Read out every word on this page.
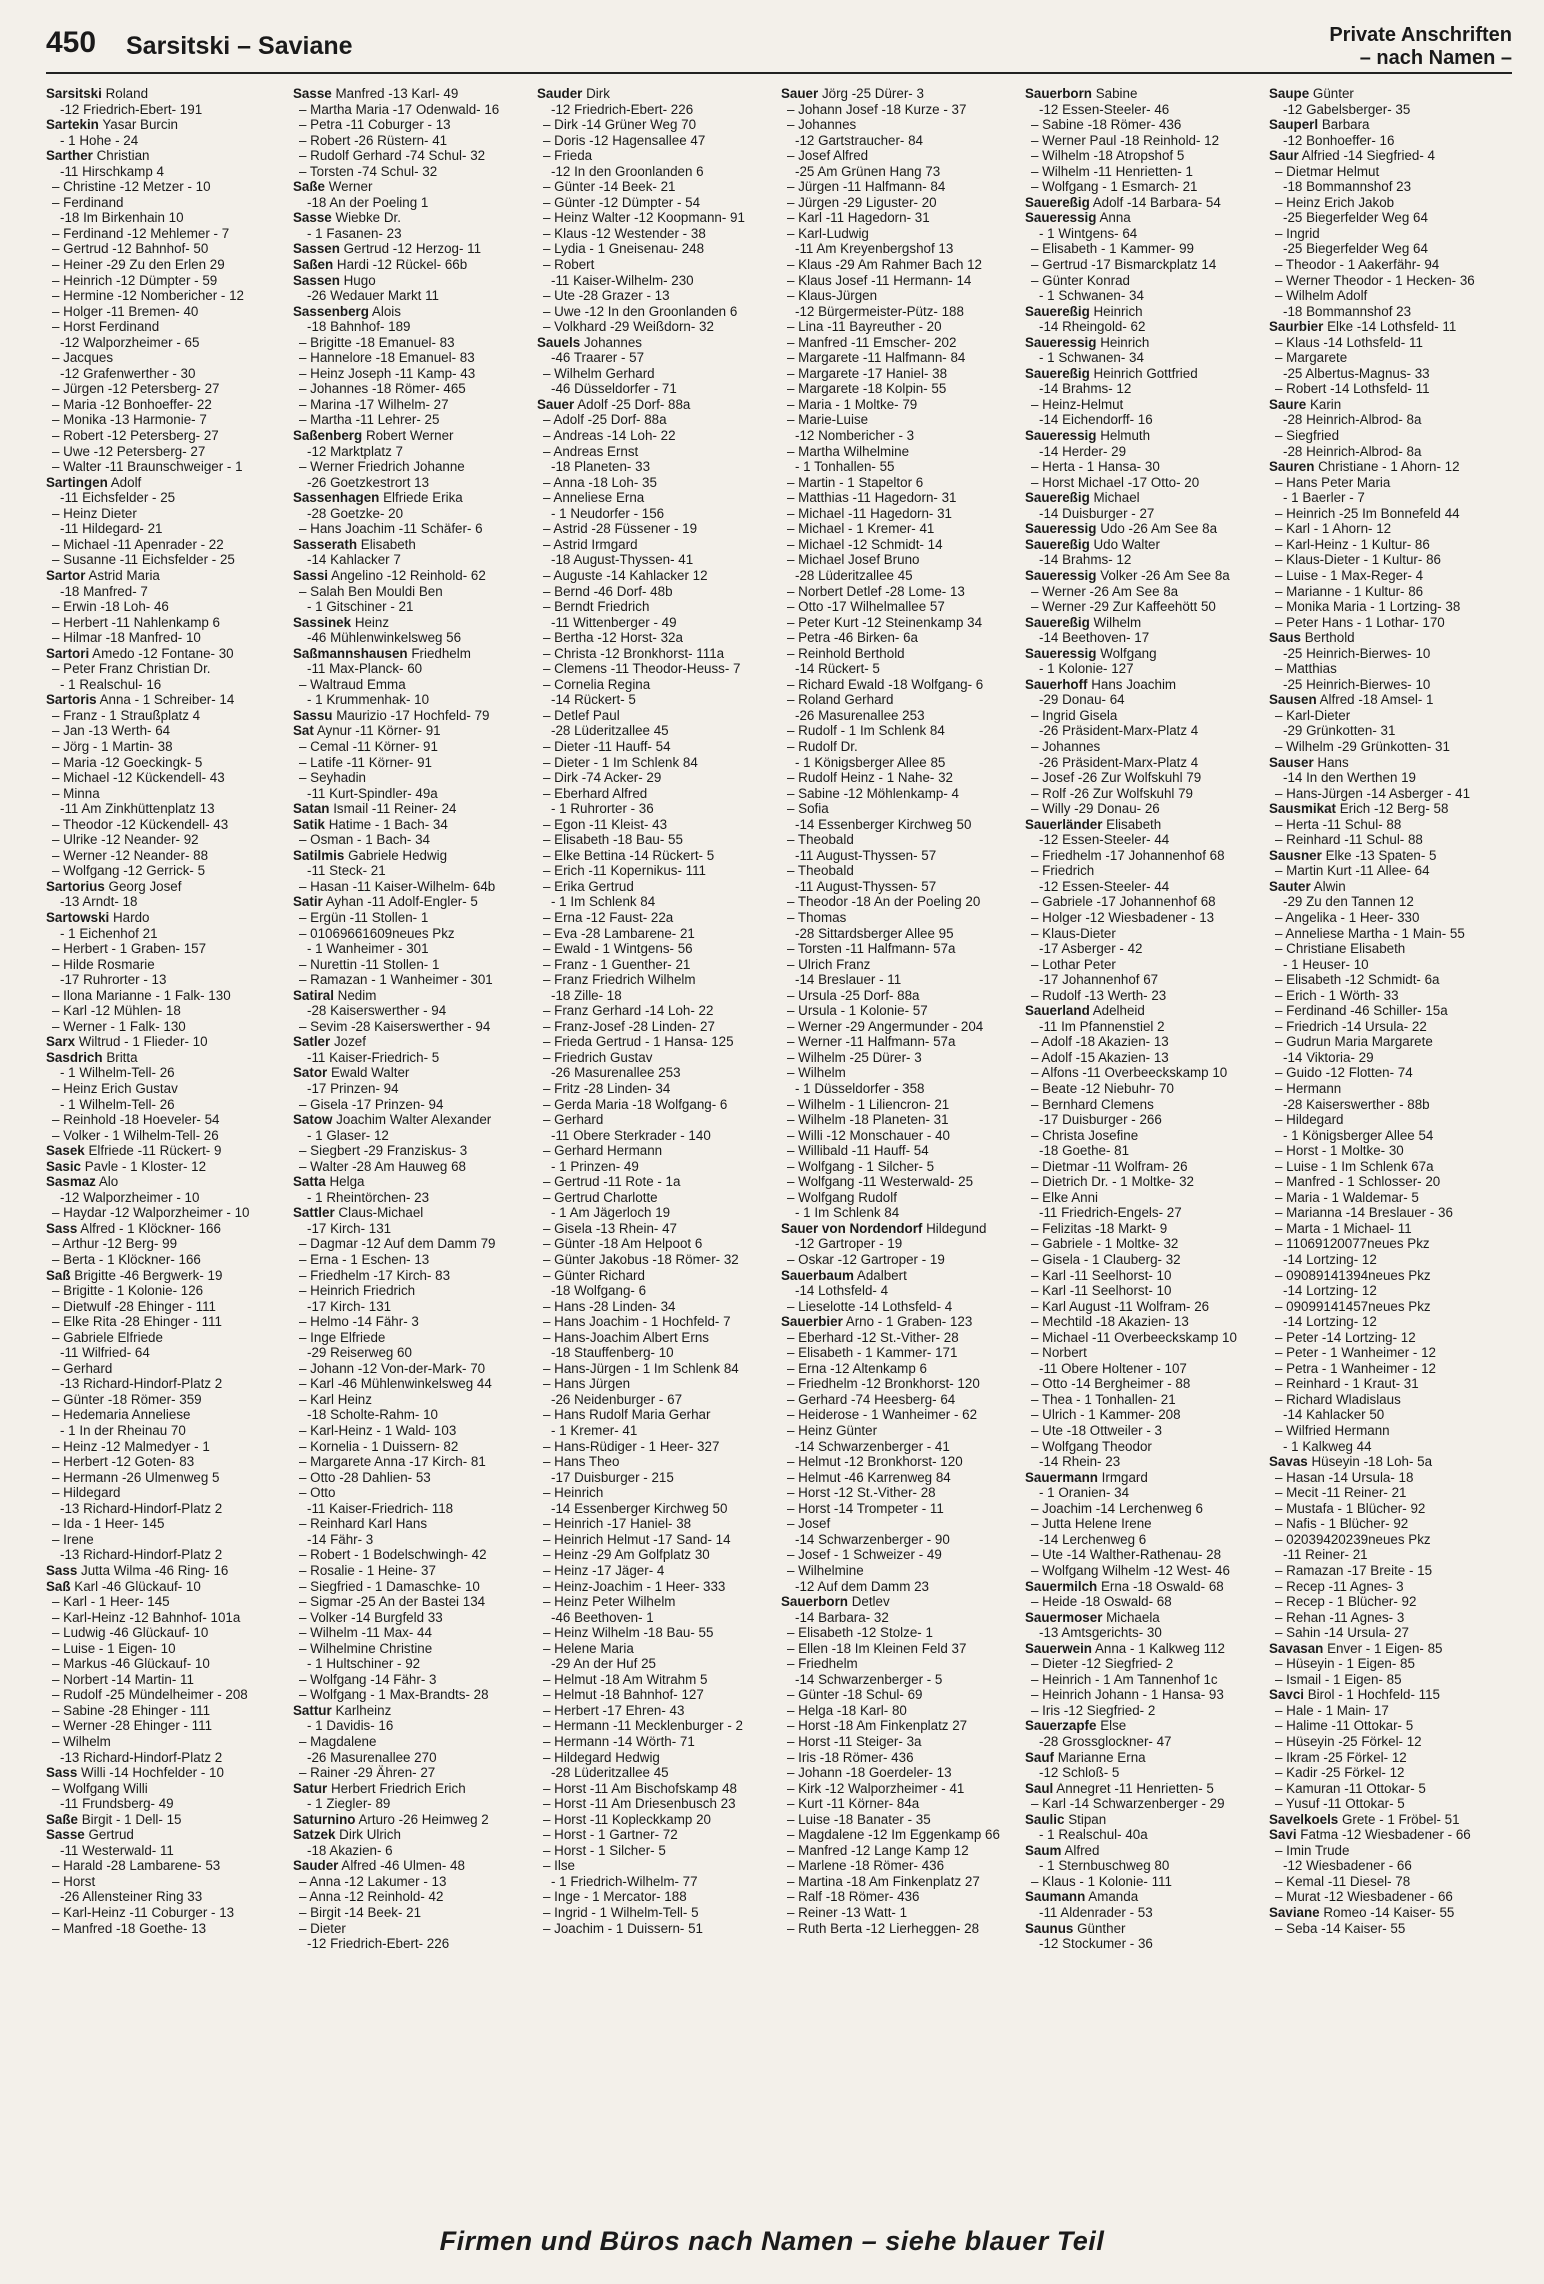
450 Sarsitski – Saviane	Private Anschriften
– nach Namen –
Sarsitski Roland
-12 Friedrich-Ebert- 191
Sartekin Yasar Burcin
- 1 Hohe - 24
Sarther Christian
-11 Hirschkamp 4
– Christine -12 Metzer - 10
– Ferdinand
-18 Im Birkenhain 10
– Ferdinand -12 Mehlemer - 7
– Gertrud -12 Bahnhof- 50
– Heiner -29 Zu den Erlen 29
– Heinrich -12 Dümpter - 59
– Hermine -12 Nombericher - 12
– Holger -11 Bremen- 40
– Horst Ferdinand
-12 Walporzheimer - 65
– Jacques
-12 Grafenwerther - 30
– Jürgen -12 Petersberg- 27
– Maria -12 Bonhoeffer- 22
– Monika -13 Harmonie- 7
– Robert -12 Petersberg- 27
– Uwe -12 Petersberg- 27
– Walter -11 Braunschweiger - 1
Sartingen Adolf
-11 Eichsfelder - 25
– Heinz Dieter
-11 Hildegard- 21
– Michael -11 Apenrader - 22
– Susanne -11 Eichsfelder - 25
Sartor Astrid Maria
-18 Manfred- 7
– Erwin -18 Loh- 46
– Herbert -11 Nahlenkamp 6
– Hilmar -18 Manfred- 10
Sartori Amedo -12 Fontane- 30
– Peter Franz Christian Dr.
- 1 Realschul- 16
Sartoris Anna - 1 Schreiber- 14
– Franz - 1 Straußplatz 4
– Jan -13 Werth- 64
– Jörg - 1 Martin- 38
– Maria -12 Goeckingk- 5
– Michael -12 Kückendell- 43
– Minna
-11 Am Zinkhüttenplatz 13
– Theodor -12 Kückendell- 43
– Ulrike -12 Neander- 92
– Werner -12 Neander- 88
– Wolfgang -12 Gerrick- 5
Sartorius Georg Josef
-13 Arndt- 18
Sartowski Hardo
- 1 Eichenhof 21
– Herbert - 1 Graben- 157
– Hilde Rosmarie
-17 Ruhrorter - 13
– Ilona Marianne - 1 Falk- 130
– Karl -12 Mühlen- 18
– Werner - 1 Falk- 130
Sarx Wiltrud - 1 Flieder- 10
Sasdrich Britta
- 1 Wilhelm-Tell- 26
– Heinz Erich Gustav
- 1 Wilhelm-Tell- 26
– Reinhold -18 Hoeveler- 54
– Volker - 1 Wilhelm-Tell- 26
Sasek Elfriede -11 Rückert- 9
Sasic Pavle - 1 Kloster- 12
Sasmaz Alo
-12 Walporzheimer - 10
– Haydar -12 Walporzheimer - 10
Sass Alfred - 1 Klöckner- 166
– Arthur -12 Berg- 99
– Berta - 1 Klöckner- 166
Saß Brigitte -46 Bergwerk- 19
– Brigitte - 1 Kolonie- 126
– Dietwulf -28 Ehinger - 111
– Elke Rita -28 Ehinger - 111
– Gabriele Elfriede
-11 Wilfried- 64
– Gerhard
-13 Richard-Hindorf-Platz 2
– Günter -18 Römer- 359
– Hedemaria Anneliese
- 1 In der Rheinau 70
– Heinz -12 Malmedyer - 1
– Herbert -12 Goten- 83
– Hermann -26 Ulmenweg 5
– Hildegard
-13 Richard-Hindorf-Platz 2
– Ida - 1 Heer- 145
– Irene
-13 Richard-Hindorf-Platz 2
Sass Jutta Wilma -46 Ring- 16
Saß Karl -46 Glückauf- 10
– Karl - 1 Heer- 145
– Karl-Heinz -12 Bahnhof- 101a
– Ludwig -46 Glückauf- 10
– Luise - 1 Eigen- 10
– Markus -46 Glückauf- 10
– Norbert -14 Martin- 11
– Rudolf -25 Mündelheimer - 208
– Sabine -28 Ehinger - 111
– Werner -28 Ehinger - 111
– Wilhelm
-13 Richard-Hindorf-Platz 2
Sass Willi -14 Hochfelder - 10
– Wolfgang Willi
-11 Frundsberg- 49
Saße Birgit - 1 Dell- 15
Sasse Gertrud
-11 Westerwald- 11
– Harald -28 Lambarene- 53
– Horst
-26 Allensteiner Ring 33
– Karl-Heinz -11 Coburger - 13
– Manfred -18 Goethe- 13
Sasse Manfred -13 Karl- 49
– Martha Maria -17 Odenwald- 16
– Petra -11 Coburger - 13
– Robert -26 Rüstern- 41
– Rudolf Gerhard -74 Schul- 32
– Torsten -74 Schul- 32
Saße Werner
-18 An der Poeling 1
Sasse Wiebke Dr.
- 1 Fasanen- 23
Sassen Gertrud -12 Herzog- 11
Saßen Hardi -12 Rückel- 66b
Sassen Hugo
-26 Wedauer Markt 11
Sassenberg Alois
-18 Bahnhof- 189
– Brigitte -18 Emanuel- 83
– Hannelore -18 Emanuel- 83
– Heinz Joseph -11 Kamp- 43
– Johannes -18 Römer- 465
– Marina -17 Wilhelm- 27
– Martha -11 Lehrer- 25
Saßenberg Robert Werner
-12 Marktplatz 7
– Werner Friedrich Johanne
-26 Goetzkestrort 13
Sassenhagen Elfriede Erika
-28 Goetzke- 20
– Hans Joachim -11 Schäfer- 6
Sasserath Elisabeth
-14 Kahlacker 7
Sassi Angelino -12 Reinhold- 62
– Salah Ben Mouldi Ben
- 1 Gitschiner - 21
Sassinek Heinz
-46 Mühlenwinkelsweg 56
Saßmannshausen Friedhelm
-11 Max-Planck- 60
– Waltraud Emma
- 1 Krummenhak- 10
Sassu Maurizio -17 Hochfeld- 79
Sat Aynur -11 Körner- 91
– Cemal -11 Körner- 91
– Latife -11 Körner- 91
– Seyhadin
-11 Kurt-Spindler- 49a
Satan Ismail -11 Reiner- 24
Satik Hatime - 1 Bach- 34
– Osman - 1 Bach- 34
Satilmis Gabriele Hedwig
-11 Steck- 21
– Hasan -11 Kaiser-Wilhelm- 64b
Satir Ayhan -11 Adolf-Engler- 5
– Ergün -11 Stollen- 1
– 01069661609neues Pkz
- 1 Wanheimer - 301
– Nurettin -11 Stollen- 1
– Ramazan - 1 Wanheimer - 301
Satiral Nedim
-28 Kaiserswerther - 94
– Sevim -28 Kaiserswerther - 94
Satler Jozef
-11 Kaiser-Friedrich- 5
Sator Ewald Walter
-17 Prinzen- 94
– Gisela -17 Prinzen- 94
Satow Joachim Walter Alexander
- 1 Glaser- 12
– Siegbert -29 Franziskus- 3
– Walter -28 Am Hauweg 68
Satta Helga
- 1 Rheintörchen- 23
Sattler Claus-Michael
-17 Kirch- 131
– Dagmar -12 Auf dem Damm 79
– Erna - 1 Eschen- 13
– Friedhelm -17 Kirch- 83
– Heinrich Friedrich
-17 Kirch- 131
– Helmo -14 Fähr- 3
– Inge Elfriede
-29 Reiserweg 60
– Johann -12 Von-der-Mark- 70
– Karl -46 Mühlenwinkelsweg 44
– Karl Heinz
-18 Scholte-Rahm- 10
– Karl-Heinz - 1 Wald- 103
– Kornelia - 1 Duissern- 82
– Margarete Anna -17 Kirch- 81
– Otto -28 Dahlien- 53
– Otto
-11 Kaiser-Friedrich- 118
– Reinhard Karl Hans
-14 Fähr- 3
– Robert - 1 Bodelschwingh- 42
– Rosalie - 1 Heine- 37
– Siegfried - 1 Damaschke- 10
– Sigmar -25 An der Bastei 134
– Volker -14 Burgfeld 33
– Wilhelm -11 Max- 44
– Wilhelmine Christine
- 1 Hultschiner - 92
– Wolfgang -14 Fähr- 3
– Wolfgang - 1 Max-Brandts- 28
Sattur Karlheinz
- 1 Davidis- 16
– Magdalene
-26 Masurenallee 270
– Rainer -29 Ähren- 27
Satur Herbert Friedrich Erich
- 1 Ziegler- 89
Saturnino Arturo -26 Heimweg 2
Satzek Dirk Ulrich
-18 Akazien- 6
Sauder Alfred -46 Ulmen- 48
– Anna -12 Lakumer - 13
– Anna -12 Reinhold- 42
– Birgit -14 Beek- 21
– Dieter
-12 Friedrich-Ebert- 226
Sauder Dirk
-12 Friedrich-Ebert- 226
– Dirk -14 Grüner Weg 70
– Doris -12 Hagensallee 47
– Frieda
-12 In den Groonlanden 6
– Günter -14 Beek- 21
– Günter -12 Dümpter - 54
– Heinz Walter -12 Koopmann- 91
– Klaus -12 Westender - 38
– Lydia - 1 Gneisenau- 248
– Robert
-11 Kaiser-Wilhelm- 230
– Ute -28 Grazer - 13
– Uwe -12 In den Groonlanden 6
– Volkhard -29 Weißdorn- 32
Sauels Johannes
-46 Traarer - 57
– Wilhelm Gerhard
-46 Düsseldorfer - 71
Sauer Adolf -25 Dorf- 88a
– Adolf -25 Dorf- 88a
– Andreas -14 Loh- 22
– Andreas Ernst
-18 Planeten- 33
– Anna -18 Loh- 35
– Anneliese Erna
- 1 Neudorfer - 156
– Astrid -28 Füssener - 19
– Astrid Irmgard
-18 August-Thyssen- 41
– Auguste -14 Kahlacker 12
– Bernd -46 Dorf- 48b
– Berndt Friedrich
-11 Wittenberger - 49
– Bertha -12 Horst- 32a
– Christa -12 Bronkhorst- 111a
– Clemens -11 Theodor-Heuss- 7
– Cornelia Regina
-14 Rückert- 5
– Detlef Paul
-28 Lüderitzallee 45
– Dieter -11 Hauff- 54
– Dieter - 1 Im Schlenk 84
– Dirk -74 Acker- 29
– Eberhard Alfred
- 1 Ruhrorter - 36
– Egon -11 Kleist- 43
– Elisabeth -18 Bau- 55
– Elke Bettina -14 Rückert- 5
– Erich -11 Kopernikus- 111
– Erika Gertrud
- 1 Im Schlenk 84
– Erna -12 Faust- 22a
– Eva -28 Lambarene- 21
– Ewald - 1 Wintgens- 56
– Franz - 1 Guenther- 21
– Franz Friedrich Wilhelm
-18 Zille- 18
– Franz Gerhard -14 Loh- 22
– Franz-Josef -28 Linden- 27
– Frieda Gertrud - 1 Hansa- 125
– Friedrich Gustav
-26 Masurenallee 253
– Fritz -28 Linden- 34
– Gerda Maria -18 Wolfgang- 6
– Gerhard
-11 Obere Sterkrader - 140
– Gerhard Hermann
- 1 Prinzen- 49
– Gertrud -11 Rote - 1a
– Gertrud Charlotte
- 1 Am Jägerloch 19
– Gisela -13 Rhein- 47
– Günter -18 Am Helpoot 6
– Günter Jakobus -18 Römer- 32
– Günter Richard
-18 Wolfgang- 6
– Hans -28 Linden- 34
– Hans Joachim - 1 Hochfeld- 7
– Hans-Joachim Albert Erns
-18 Stauffenberg- 10
– Hans-Jürgen - 1 Im Schlenk 84
– Hans Jürgen
-26 Neidenburger - 67
– Hans Rudolf Maria Gerhar
- 1 Kremer- 41
– Hans-Rüdiger - 1 Heer- 327
– Hans Theo
-17 Duisburger - 215
– Heinrich
-14 Essenberger Kirchweg 50
– Heinrich -17 Haniel- 38
– Heinrich Helmut -17 Sand- 14
– Heinz -29 Am Golfplatz 30
– Heinz -17 Jäger- 4
– Heinz-Joachim - 1 Heer- 333
– Heinz Peter Wilhelm
-46 Beethoven- 1
– Heinz Wilhelm -18 Bau- 55
– Helene Maria
-29 An der Huf 25
– Helmut -18 Am Witrahm 5
– Helmut -18 Bahnhof- 127
– Herbert -17 Ehren- 43
– Hermann -11 Mecklenburger - 2
– Hermann -14 Wörth- 71
– Hildegard Hedwig
-28 Lüderitzallee 45
– Horst -11 Am Bischofskamp 48
– Horst -11 Am Driesenbusch 23
– Horst -11 Kopleckkamp 20
– Horst - 1 Gartner- 72
– Horst - 1 Silcher- 5
– Ilse
- 1 Friedrich-Wilhelm- 77
– Inge - 1 Mercator- 188
– Ingrid - 1 Wilhelm-Tell- 5
– Joachim - 1 Duissern- 51
Sauer Jörg -25 Dürer- 3
– Johann Josef -18 Kurze - 37
– Johannes
-12 Gartstraucher- 84
– Josef Alfred
-25 Am Grünen Hang 73
– Jürgen -11 Halfmann- 84
– Jürgen -29 Liguster- 20
– Karl -11 Hagedorn- 31
– Karl-Ludwig
-11 Am Kreyenbergshof 13
– Klaus -29 Am Rahmer Bach 12
– Klaus Josef -11 Hermann- 14
– Klaus-Jürgen
-12 Bürgermeister-Pütz- 188
– Lina -11 Bayreuther - 20
– Manfred -11 Emscher- 202
– Margarete -11 Halfmann- 84
– Margarete -17 Haniel- 38
– Margarete -18 Kolpin- 55
– Maria - 1 Moltke- 79
– Marie-Luise
-12 Nombericher - 3
– Martha Wilhelmine
- 1 Tonhallen- 55
– Martin - 1 Stapeltor 6
– Matthias -11 Hagedorn- 31
– Michael -11 Hagedorn- 31
– Michael - 1 Kremer- 41
– Michael -12 Schmidt- 14
– Michael Josef Bruno
-28 Lüderitzallee 45
– Norbert Detlef -28 Lome- 13
– Otto -17 Wilhelmallee 57
– Peter Kurt -12 Steinenkamp 34
– Petra -46 Birken- 6a
– Reinhold Berthold
-14 Rückert- 5
– Richard Ewald -18 Wolfgang- 6
– Roland Gerhard
-26 Masurenallee 253
– Rudolf - 1 Im Schlenk 84
– Rudolf Dr.
- 1 Königsberger Allee 85
– Rudolf Heinz - 1 Nahe- 32
– Sabine -12 Möhlenkamp- 4
– Sofia
-14 Essenberger Kirchweg 50
– Theobald
-11 August-Thyssen- 57
– Theobald
-11 August-Thyssen- 57
– Theodor -18 An der Poeling 20
– Thomas
-28 Sittardsberger Allee 95
– Torsten -11 Halfmann- 57a
– Ulrich Franz
-14 Breslauer - 11
– Ursula -25 Dorf- 88a
– Ursula - 1 Kolonie- 57
– Werner -29 Angermunder - 204
– Werner -11 Halfmann- 57a
– Wilhelm -25 Dürer- 3
– Wilhelm
- 1 Düsseldorfer - 358
– Wilhelm - 1 Liliencron- 21
– Wilhelm -18 Planeten- 31
– Willi -12 Monschauer - 40
– Willibald -11 Hauff- 54
– Wolfgang - 1 Silcher- 5
– Wolfgang -11 Westerwald- 25
– Wolfgang Rudolf
- 1 Im Schlenk 84
Sauer von Nordendorf Hildegund
-12 Gartroper - 19
– Oskar -12 Gartroper - 19
Sauerbaum Adalbert
-14 Lothsfeld- 4
– Lieselotte -14 Lothsfeld- 4
Sauerbier Arno - 1 Graben- 123
– Eberhard -12 St.-Vither- 28
– Elisabeth - 1 Kammer- 171
– Erna -12 Altenkamp 6
– Friedhelm -12 Bronkhorst- 120
– Gerhard -74 Heesberg- 64
– Heiderose - 1 Wanheimer - 62
– Heinz Günter
-14 Schwarzenberger - 41
– Helmut -12 Bronkhorst- 120
– Helmut -46 Karrenweg 84
– Horst -12 St.-Vither- 28
– Horst -14 Trompeter - 11
– Josef
-14 Schwarzenberger - 90
– Josef - 1 Schweizer - 49
– Wilhelmine
-12 Auf dem Damm 23
Sauerborn Detlev
-14 Barbara- 32
– Elisabeth -12 Stolze- 1
– Ellen -18 Im Kleinen Feld 37
– Friedhelm
-14 Schwarzenberger - 5
– Günter -18 Schul- 69
– Helga -18 Karl- 80
– Horst -18 Am Finkenplatz 27
– Horst -11 Steiger- 3a
– Iris -18 Römer- 436
– Johann -18 Goerdeler- 13
– Kirk -12 Walporzheimer - 41
– Kurt -11 Körner- 84a
– Luise -18 Banater - 35
– Magdalene -12 Im Eggenkamp 66
– Manfred -12 Lange Kamp 12
– Marlene -18 Römer- 436
– Martina -18 Am Finkenplatz 27
– Ralf -18 Römer- 436
– Reiner -13 Watt- 1
– Ruth Berta -12 Lierheggen- 28
Sauerborn Sabine
-12 Essen-Steeler- 46
– Sabine -18 Römer- 436
– Werner Paul -18 Reinhold- 12
– Wilhelm -18 Atropshof 5
– Wilhelm -11 Henrietten- 1
– Wolfgang - 1 Esmarch- 21
Sauereßig Adolf -14 Barbara- 54
Saueressig Anna
- 1 Wintgens- 64
– Elisabeth - 1 Kammer- 99
– Gertrud -17 Bismarckplatz 14
– Günter Konrad
- 1 Schwanen- 34
Sauereßig Heinrich
-14 Rheingold- 62
Saueressig Heinrich
- 1 Schwanen- 34
Sauereßig Heinrich Gottfried
-14 Brahms- 12
– Heinz-Helmut
-14 Eichendorff- 16
Saueressig Helmuth
-14 Herder- 29
– Herta - 1 Hansa- 30
– Horst Michael -17 Otto- 20
Sauereßig Michael
-14 Duisburger - 27
Saueressig Udo -26 Am See 8a
Sauereßig Udo Walter
-14 Brahms- 12
Saueressig Volker -26 Am See 8a
– Werner -26 Am See 8a
– Werner -29 Zur Kaffeehött 50
Sauereßig Wilhelm
-14 Beethoven- 17
Saueressig Wolfgang
- 1 Kolonie- 127
Sauerhoff Hans Joachim
-29 Donau- 64
– Ingrid Gisela
-26 Präsident-Marx-Platz 4
– Johannes
-26 Präsident-Marx-Platz 4
– Josef -26 Zur Wolfskuhl 79
– Rolf -26 Zur Wolfskuhl 79
– Willy -29 Donau- 26
Sauerländer Elisabeth
-12 Essen-Steeler- 44
– Friedhelm -17 Johannenhof 68
– Friedrich
-12 Essen-Steeler- 44
– Gabriele -17 Johannenhof 68
– Holger -12 Wiesbadener - 13
– Klaus-Dieter
-17 Asberger - 42
– Lothar Peter
-17 Johannenhof 67
– Rudolf -13 Werth- 23
Sauerland Adelheid
-11 Im Pfannenstiel 2
– Adolf -18 Akazien- 13
– Adolf -15 Akazien- 13
– Alfons -11 Overbeeckskamp 10
– Beate -12 Niebuhr- 70
– Bernhard Clemens
-17 Duisburger - 266
– Christa Josefine
-18 Goethe- 81
– Dietmar -11 Wolfram- 26
– Dietrich Dr. - 1 Moltke- 32
– Elke Anni
-11 Friedrich-Engels- 27
– Felizitas -18 Markt- 9
– Gabriele - 1 Moltke- 32
– Gisela - 1 Clauberg- 32
– Karl -11 Seelhorst- 10
– Karl -11 Seelhorst- 10
– Karl August -11 Wolfram- 26
– Mechtild -18 Akazien- 13
– Michael -11 Overbeeckskamp 10
– Norbert
-11 Obere Holtener - 107
– Otto -14 Bergheimer - 88
– Thea - 1 Tonhallen- 21
– Ulrich - 1 Kammer- 208
– Ute -18 Ottweiler - 3
– Wolfgang Theodor
-14 Rhein- 23
Sauermann Irmgard
- 1 Oranien- 34
– Joachim -14 Lerchenweg 6
– Jutta Helene Irene
-14 Lerchenweg 6
– Ute -14 Walther-Rathenau- 28
– Wolfgang Wilhelm -12 West- 46
Sauermilch Erna -18 Oswald- 68
– Heide -18 Oswald- 68
Sauermoser Michaela
-13 Amtsgerichts- 30
Sauerwein Anna - 1 Kalkweg 112
– Dieter -12 Siegfried- 2
– Heinrich - 1 Am Tannenhof 1c
– Heinrich Johann - 1 Hansa- 93
– Iris -12 Siegfried- 2
Sauerzapfe Else
-28 Grossglockner- 47
Sauf Marianne Erna
-12 Schloß- 5
Saul Annegret -11 Henrietten- 5
– Karl -14 Schwarzenberger - 29
Saulic Stipan
- 1 Realschul- 40a
Saum Alfred
- 1 Sternbuschweg 80
– Klaus - 1 Kolonie- 111
Saumann Amanda
-11 Aldenrader - 53
Saunus Günther
-12 Stockumer - 36
Saupe Günter
-12 Gabelsberger- 35
Sauperl Barbara
-12 Bonhoeffer- 16
Saur Alfried -14 Siegfried- 4
– Dietmar Helmut
-18 Bommannshof 23
– Heinz Erich Jakob
-25 Biegerfelder Weg 64
– Ingrid
-25 Biegerfelder Weg 64
– Theodor - 1 Aakerfähr- 94
– Werner Theodor - 1 Hecken- 36
– Wilhelm Adolf
-18 Bommannshof 23
Saurbier Elke -14 Lothsfeld- 11
– Klaus -14 Lothsfeld- 11
– Margarete
-25 Albertus-Magnus- 33
– Robert -14 Lothsfeld- 11
Saure Karin
-28 Heinrich-Albrod- 8a
– Siegfried
-28 Heinrich-Albrod- 8a
Sauren Christiane - 1 Ahorn- 12
– Hans Peter Maria
- 1 Baerler - 7
– Heinrich -25 Im Bonnefeld 44
– Karl - 1 Ahorn- 12
– Karl-Heinz - 1 Kultur- 86
– Klaus-Dieter - 1 Kultur- 86
– Luise - 1 Max-Reger- 4
– Marianne - 1 Kultur- 86
– Monika Maria - 1 Lortzing- 38
– Peter Hans - 1 Lothar- 170
Saus Berthold
-25 Heinrich-Bierwes- 10
– Matthias
-25 Heinrich-Bierwes- 10
Sausen Alfred -18 Amsel- 1
– Karl-Dieter
-29 Grünkotten- 31
– Wilhelm -29 Grünkotten- 31
Sauser Hans
-14 In den Werthen 19
– Hans-Jürgen -14 Asberger - 41
Sausmikat Erich -12 Berg- 58
– Herta -11 Schul- 88
– Reinhard -11 Schul- 88
Sausner Elke -13 Spaten- 5
– Martin Kurt -11 Allee- 64
Sauter Alwin
-29 Zu den Tannen 12
– Angelika - 1 Heer- 330
– Anneliese Martha - 1 Main- 55
– Christiane Elisabeth
- 1 Heuser- 10
– Elisabeth -12 Schmidt- 6a
– Erich - 1 Wörth- 33
– Ferdinand -46 Schiller- 15a
– Friedrich -14 Ursula- 22
– Gudrun Maria Margarete
-14 Viktoria- 29
– Guido -12 Flotten- 74
– Hermann
-28 Kaiserswerther - 88b
– Hildegard
- 1 Königsberger Allee 54
– Horst - 1 Moltke- 30
– Luise - 1 Im Schlenk 67a
– Manfred - 1 Schlosser- 20
– Maria - 1 Waldemar- 5
– Marianna -14 Breslauer - 36
– Marta - 1 Michael- 11
– 11069120077neues Pkz
-14 Lortzing- 12
– 09089141394neues Pkz
-14 Lortzing- 12
– 09099141457neues Pkz
-14 Lortzing- 12
– Peter -14 Lortzing- 12
– Peter - 1 Wanheimer - 12
– Petra - 1 Wanheimer - 12
– Reinhard - 1 Kraut- 31
– Richard Wladislaus
-14 Kahlacker 50
– Wilfried Hermann
- 1 Kalkweg 44
Savas Hüseyin -18 Loh- 5a
– Hasan -14 Ursula- 18
– Mecit -11 Reiner- 21
– Mustafa - 1 Blücher- 92
– Nafis - 1 Blücher- 92
– 02039420239neues Pkz
-11 Reiner- 21
– Ramazan -17 Breite - 15
– Recep -11 Agnes- 3
– Recep - 1 Blücher- 92
– Rehan -11 Agnes- 3
– Sahin -14 Ursula- 27
Savasan Enver - 1 Eigen- 85
– Hüseyin - 1 Eigen- 85
– Ismail - 1 Eigen- 85
Savci Birol - 1 Hochfeld- 115
– Hale - 1 Main- 17
– Halime -11 Ottokar- 5
– Hüseyin -25 Förkel- 12
– Ikram -25 Förkel- 12
– Kadir -25 Förkel- 12
– Kamuran -11 Ottokar- 5
– Yusuf -11 Ottokar- 5
Savelkoels Grete - 1 Fröbel- 51
Savi Fatma -12 Wiesbadener - 66
– Imin Trude
-12 Wiesbadener - 66
– Kemal -11 Diesel- 78
– Murat -12 Wiesbadener - 66
Saviane Romeo -14 Kaiser- 55
– Seba -14 Kaiser- 55
Firmen und Büros nach Namen – siehe blauer Teil
